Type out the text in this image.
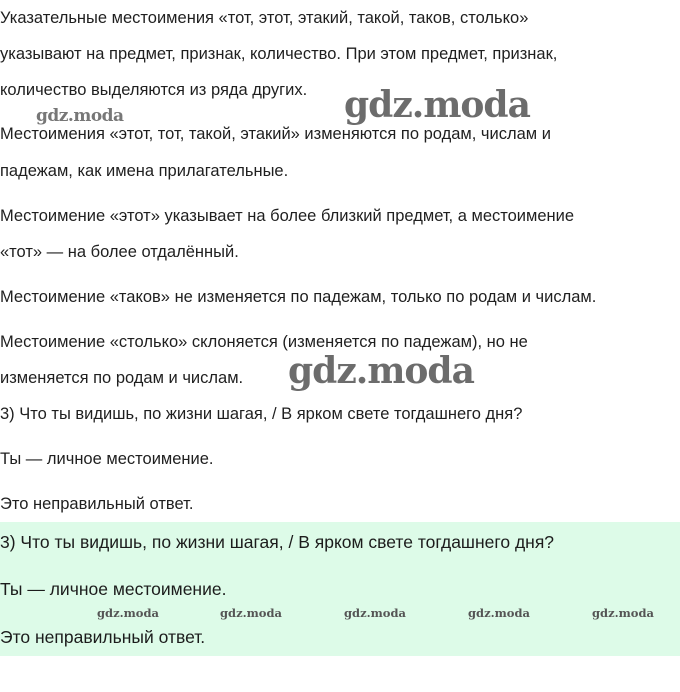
Указательные местоимения «тот, этот, этакий, такой, таков, столько»

указывают на предмет, признак, количество. При этом предмет, признак,

количество выделяются из ряда других.

Местоимения «этот, тот, такой, этакий» изменяются по родам, числам и

падежам, как имена прилагательные.

Местоимение «этот» указывает на более близкий предмет, а местоимение

«тот» — на более отдалённый.

Местоимение «таков» не изменяется по падежам, только по родам и числам.

Местоимение «столько» склоняется (изменяется по падежам), но не

изменяется по родам и числам.

3) Что ты видишь, по жизни шагая, / В ярком свете тогдашнего дня?

Ты — личное местоимение.

Это неправильный ответ.

3) Что ты видишь, по жизни шагая, / В ярком свете тогдашнего дня?

Ты — личное местоимение.

Это неправильный ответ.

gdz.moda	gdz.moda
gdz.moda
gdz.moda	gdz.moda	gdz.moda	gdz.moda	gdz.moda
